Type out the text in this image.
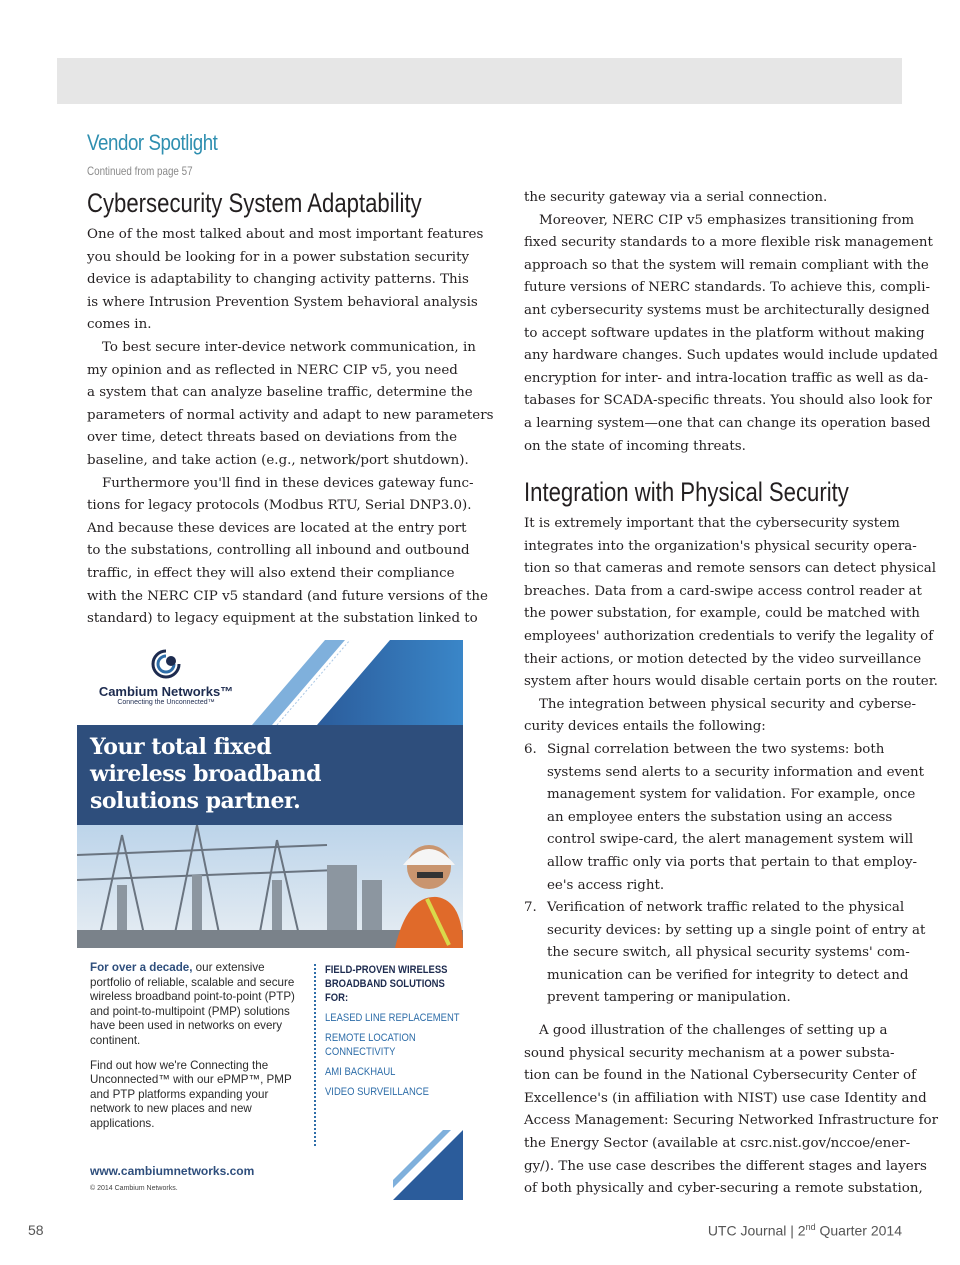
Vendor Spotlight
Continued from page 57
Cybersecurity System Adaptability
One of the most talked about and most important features
you should be looking for in a power substation security
device is adaptability to changing activity patterns. This
is where Intrusion Prevention System behavioral analysis
comes in.
To best secure inter-device network communication, in
my opinion and as reflected in NERC CIP v5, you need
a system that can analyze baseline traffic, determine the
parameters of normal activity and adapt to new parameters
over time, detect threats based on deviations from the
baseline, and take action (e.g., network/port shutdown).
Furthermore you'll find in these devices gateway func-
tions for legacy protocols (Modbus RTU, Serial DNP3.0).
And because these devices are located at the entry port
to the substations, controlling all inbound and outbound
traffic, in effect they will also extend their compliance
with the NERC CIP v5 standard (and future versions of the
standard) to legacy equipment at the substation linked to
the security gateway via a serial connection.
Moreover, NERC CIP v5 emphasizes transitioning from
fixed security standards to a more flexible risk management
approach so that the system will remain compliant with the
future versions of NERC standards. To achieve this, compli-
ant cybersecurity systems must be architecturally designed
to accept software updates in the platform without making
any hardware changes. Such updates would include updated
encryption for inter- and intra-location traffic as well as da-
tabases for SCADA-specific threats. You should also look for
a learning system—one that can change its operation based
on the state of incoming threats.
Integration with Physical Security
It is extremely important that the cybersecurity system
integrates into the organization's physical security opera-
tion so that cameras and remote sensors can detect physical
breaches. Data from a card-swipe access control reader at
the power substation, for example, could be matched with
employees' authorization credentials to verify the legality of
their actions, or motion detected by the video surveillance
system after hours would disable certain ports on the router.
The integration between physical security and cyberse-
curity devices entails the following:
6. Signal correlation between the two systems: both
systems send alerts to a security information and event
management system for validation. For example, once
an employee enters the substation using an access
control swipe-card, the alert management system will
allow traffic only via ports that pertain to that employ-
ee's access right.
7. Verification of network traffic related to the physical
security devices: by setting up a single point of entry at
the secure switch, all physical security systems' com-
munication can be verified for integrity to detect and
prevent tampering or manipulation.
A good illustration of the challenges of setting up a
sound physical security mechanism at a power substa-
tion can be found in the National Cybersecurity Center of
Excellence's (in affiliation with NIST) use case Identity and
Access Management: Securing Networked Infrastructure for
the Energy Sector (available at csrc.nist.gov/nccoe/ener-
gy/). The use case describes the different stages and layers
of both physically and cyber-securing a remote substation,
Cambium Networks™
Connecting the Unconnected™
Your total fixed
wireless broadband
solutions partner.

For over a decade, our extensive portfolio of reliable, scalable and secure wireless broadband point-to-point (PTP) and point-to-multipoint (PMP) solutions have been used in networks on every continent.

Find out how we're Connecting the Unconnected™ with our ePMP™, PMP and PTP platforms expanding your network to new places and new applications.

FIELD-PROVEN WIRELESS
BROADBAND SOLUTIONS
FOR:
LEASED LINE REPLACEMENT
REMOTE LOCATION
CONNECTIVITY
AMI BACKHAUL
VIDEO SURVEILLANCE
www.cambiumnetworks.com
© 2014 Cambium Networks.
58	UTC Journal | 2nd Quarter 2014
